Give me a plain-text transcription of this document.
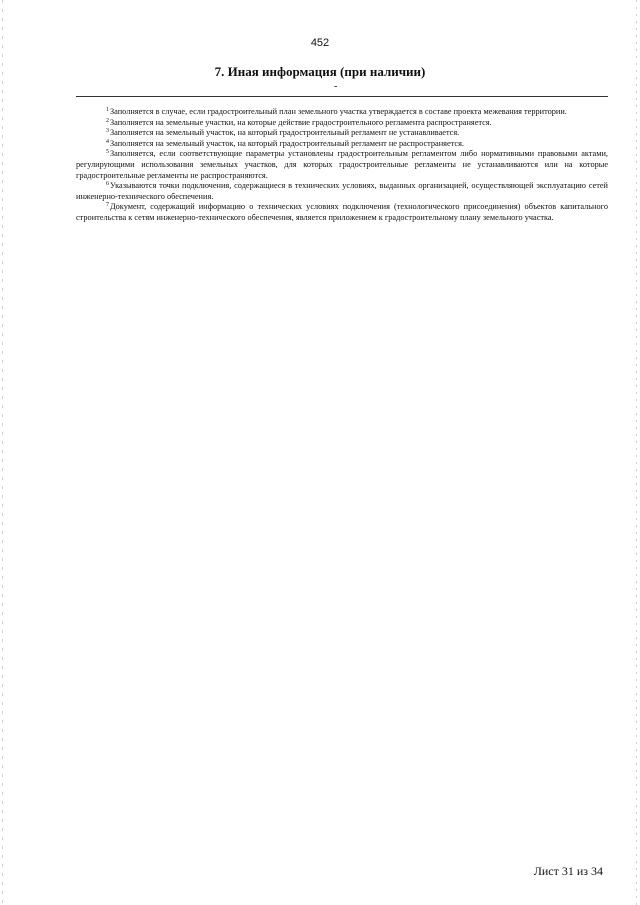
452
7. Иная информация (при наличии)
-

$^1$Заполняется в случае, если градостроительный план земельного участка утверждается в составе проекта межевания территории.

$^2$Заполняется на земельные участки, на которые действие градостроительного регламента распространяется.

$^3$Заполняется на земельный участок, на который градостроительный регламент не устанавливается.

$^4$Заполняется на земельный участок, на который градостроительный регламент не распространяется.

$^5$Заполняется, если соответствующие параметры установлены градостроительным регламентом либо нормативными правовыми актами, регулирующими использования земельных участков, для которых градостроительные регламенты не устанавливаются или на которые градостроительные регламенты не распространяются.

$^6$Указываются точки подключения, содержащиеся в технических условиях, выданных организацией, осуществляющей эксплуатацию сетей инженерно-технического обеспечения.

$^7$Документ, содержащий информацию о технических условиях подключения (технологического присоединения) объектов капитального строительства к сетям инженерно-технического обеспечения, является приложением к градостроительному плану земельного участка.

Лист 31 из 34
